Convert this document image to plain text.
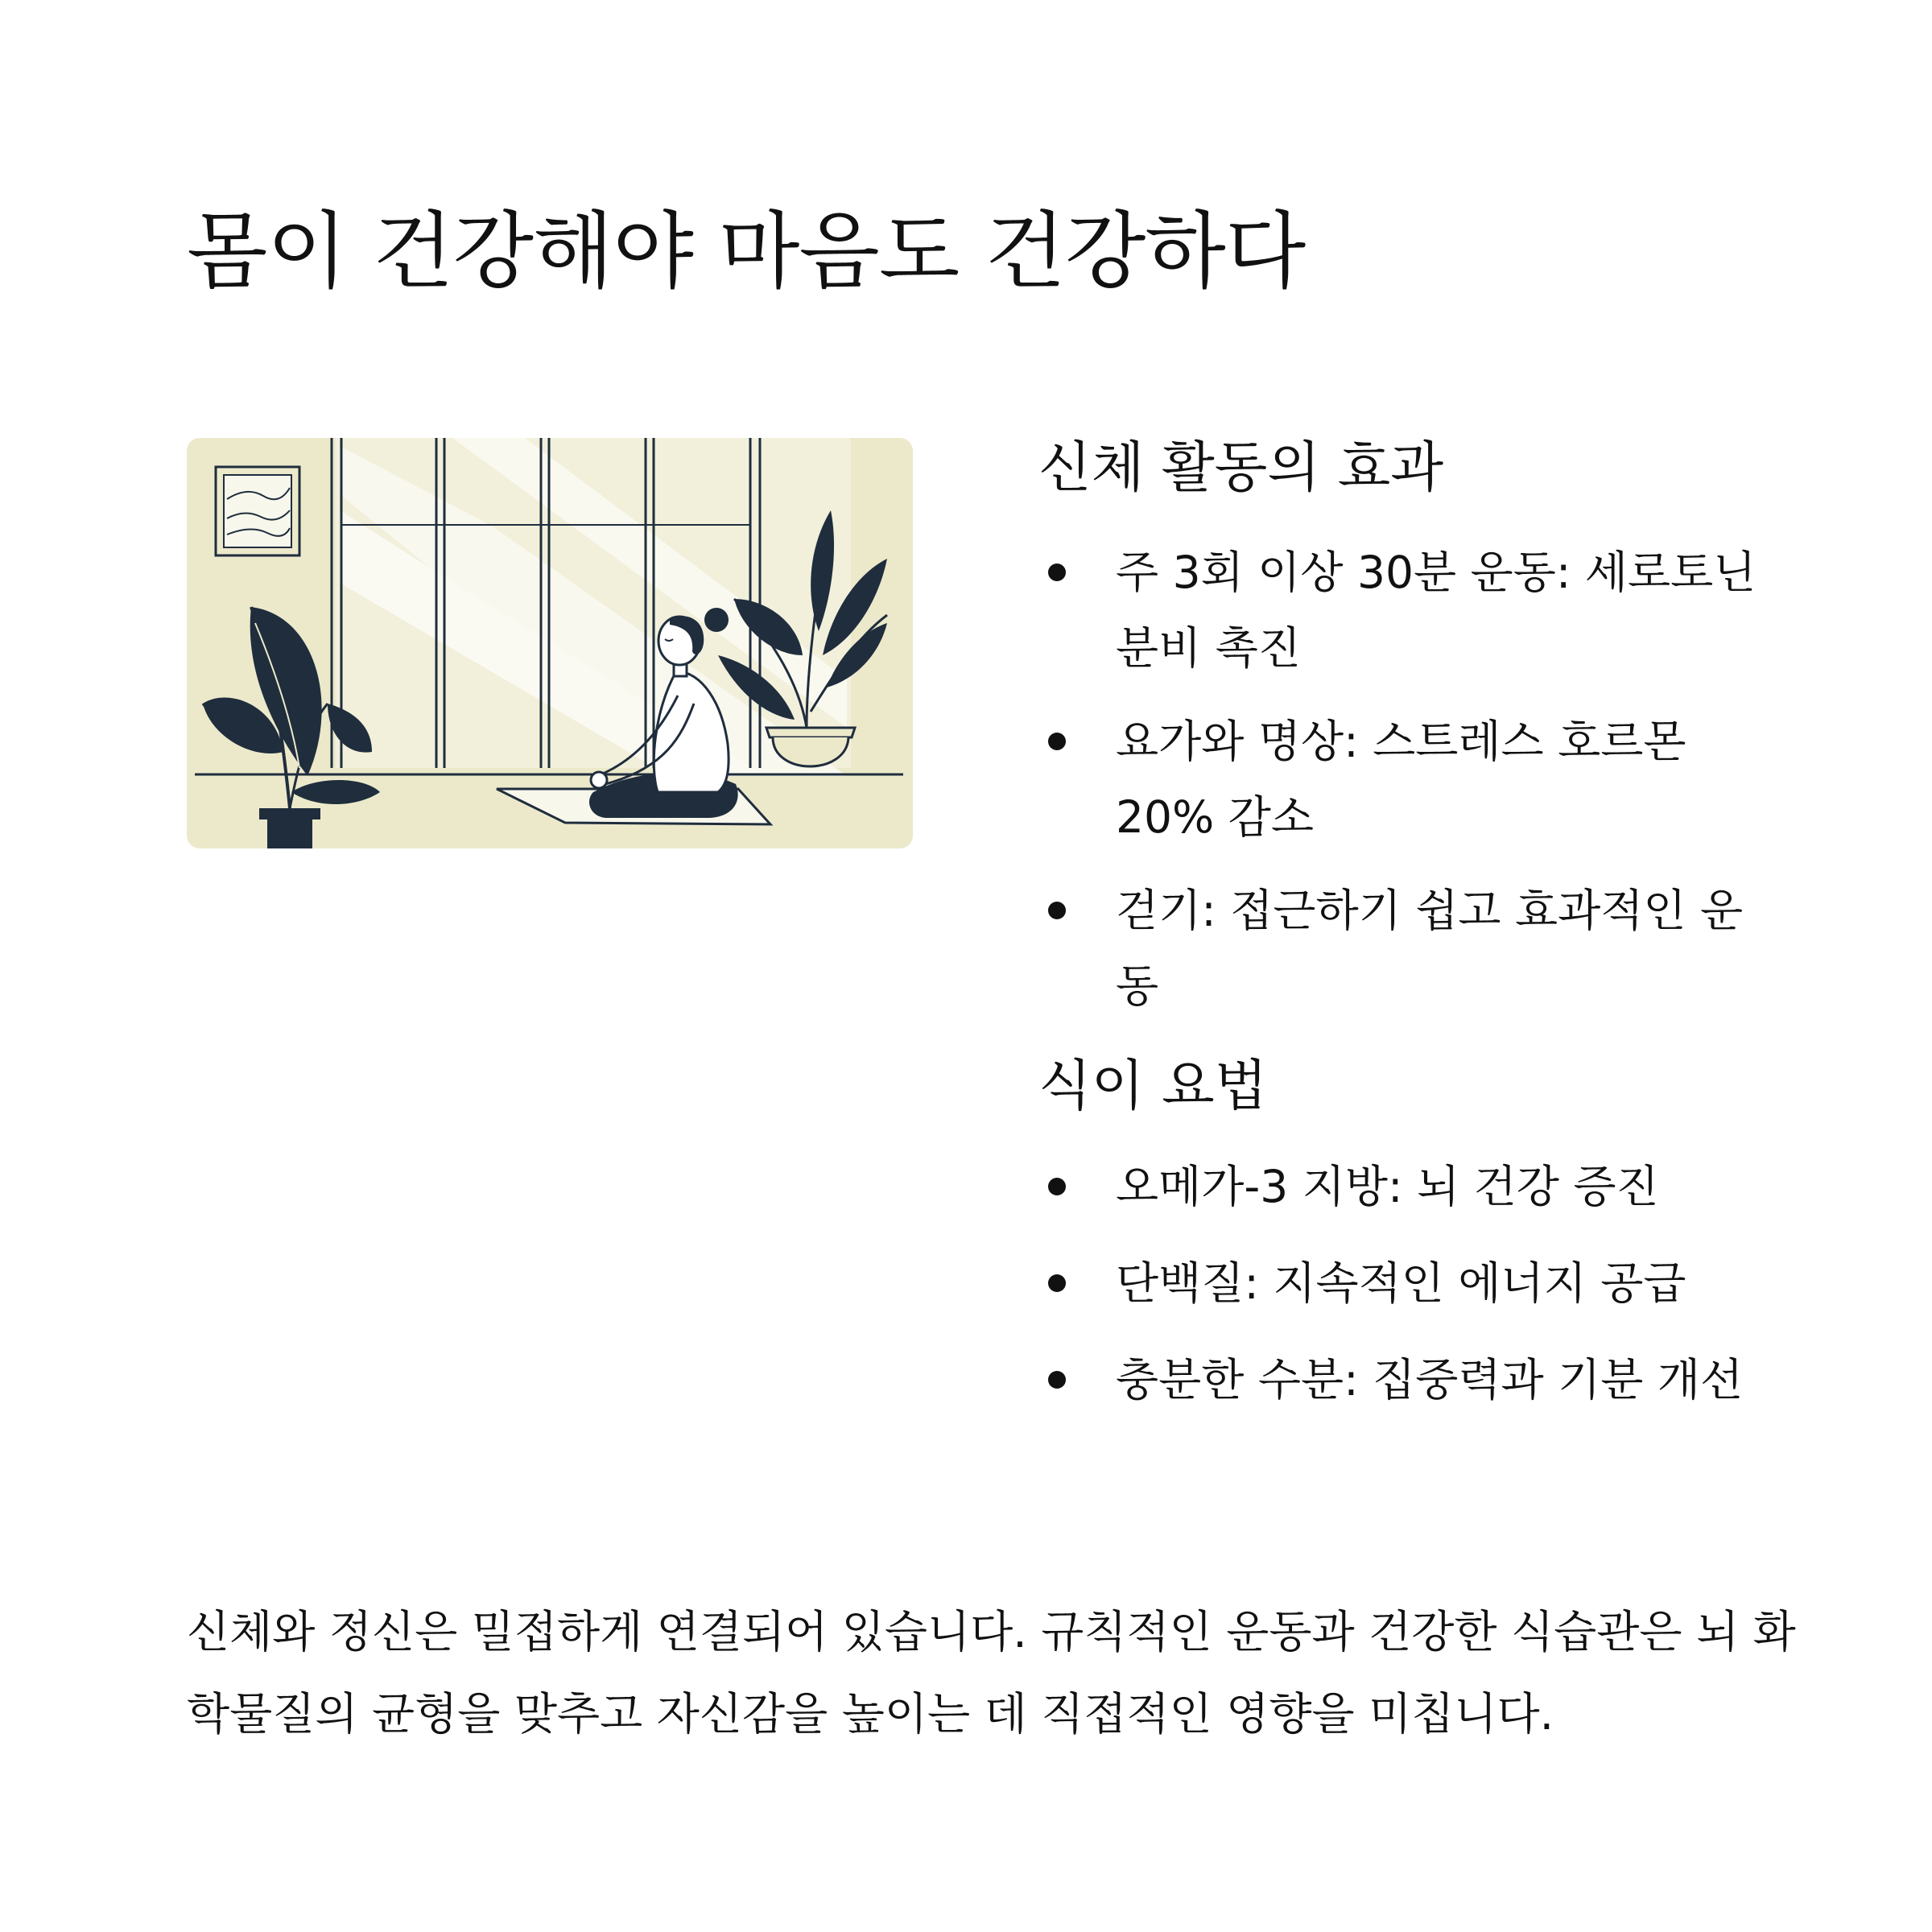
몸이 건강해야 마음도 건강하다
신체 활동의 효과
주 3회 이상 30분 운동: 세로토닌 분비 촉진
요가와 명상: 스트레스 호르몬 20% 감소
걷기: 접근하기 쉽고 효과적인 운동
식이 요법
오메가-3 지방: 뇌 건강 증진
단백질: 지속적인 에너지 공급
충분한 수분: 집중력과 기분 개선

신체와 정신은 밀접하게 연결되어 있습니다. 규칙적인 운동과 건강한 식습관은 뇌 화학물질의 균형을 맞추고 자신감을 높이는 데 직접적인 영향을 미칩니다.
